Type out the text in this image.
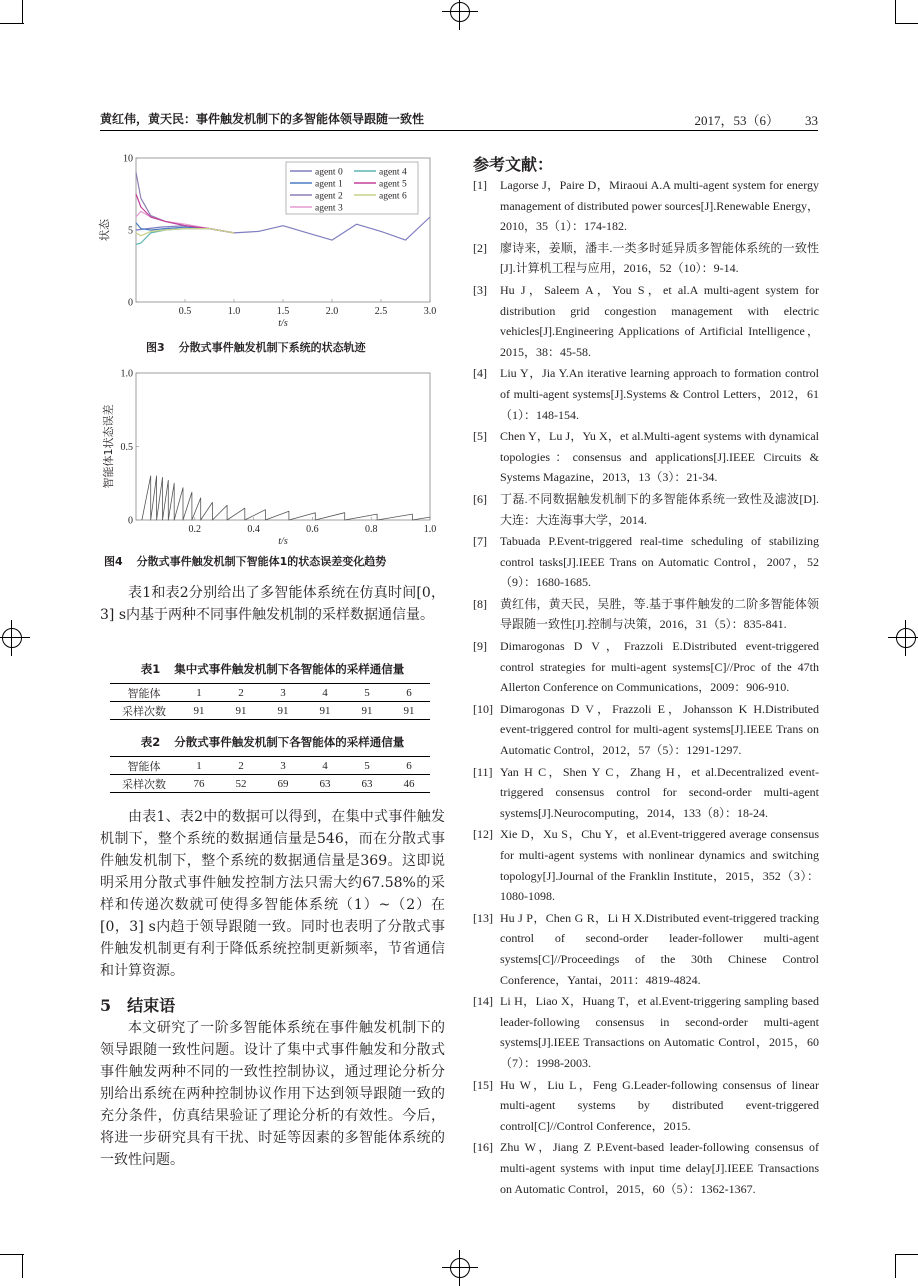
黄红伟，黄天民：事件触发机制下的多智能体领导跟随一致性	2017，53（6） 33
0.5	1.0	1.5	2.0	2.5	3.0
0
5
10
t/s
状态
agent 0
agent 1
agent 2
agent 3
agent 4
agent 5
agent 6
图3 分散式事件触发机制下系统的状态轨迹
0.2	0.4	0.6	0.8	1.0
0
0.5
1.0
t/s
智能体1状态误差
图4 分散式事件触发机制下智能体1的状态误差变化趋势

表1和表2分别给出了多智能体系统在仿真时间[0，3] s内基于两种不同事件触发机制的采样数据通信量。

表1 集中式事件触发机制下各智能体的采样通信量
智能体	1	2	3	4	5	6
采样次数	91	91	91	91	91	91
表2 分散式事件触发机制下各智能体的采样通信量
智能体	1	2	3	4	5	6
采样次数	76	52	69	63	63	46

由表1、表2中的数据可以得到，在集中式事件触发机制下，整个系统的数据通信量是546，而在分散式事件触发机制下，整个系统的数据通信量是369。这即说明采用分散式事件触发控制方法只需大约67.58%的采样和传递次数就可使得多智能体系统（1）~（2）在[0，3] s内趋于领导跟随一致。同时也表明了分散式事件触发机制更有利于降低系统控制更新频率，节省通信和计算资源。

5 结束语

本文研究了一阶多智能体系统在事件触发机制下的领导跟随一致性问题。设计了集中式事件触发和分散式事件触发两种不同的一致性控制协议，通过理论分析分别给出系统在两种控制协议作用下达到领导跟随一致的充分条件，仿真结果验证了理论分析的有效性。今后，将进一步研究具有干扰、时延等因素的多智能体系统的一致性问题。

参考文献：
[1] Lagorse J，Paire D，Miraoui A.A multi-agent system for energy management of distributed power sources[J].Renewable Energy，2010，35（1）：174-182.
[2] 廖诗来，姜顺，潘丰.一类多时延异质多智能体系统的一致性[J].计算机工程与应用，2016，52（10）：9-14.
[3] Hu J，Saleem A，You S，et al.A multi-agent system for distribution grid congestion management with electric vehicles[J].Engineering Applications of Artificial Intelligence，2015，38：45-58.
[4] Liu Y，Jia Y.An iterative learning approach to formation control of multi-agent systems[J].Systems & Control Letters，2012，61（1）：148-154.
[5] Chen Y，Lu J，Yu X，et al.Multi-agent systems with dynamical topologies：consensus and applications[J].IEEE Circuits & Systems Magazine，2013，13（3）：21-34.
[6] 丁磊.不同数据触发机制下的多智能体系统一致性及滤波[D].大连：大连海事大学，2014.
[7] Tabuada P.Event-triggered real-time scheduling of stabilizing control tasks[J].IEEE Trans on Automatic Control，2007，52（9）：1680-1685.
[8] 黄红伟，黄天民，吴胜，等.基于事件触发的二阶多智能体领导跟随一致性[J].控制与决策，2016，31（5）：835-841.
[9] Dimarogonas D V，Frazzoli E.Distributed event-triggered control strategies for multi-agent systems[C]//Proc of the 47th Allerton Conference on Communications，2009：906-910.
[10] Dimarogonas D V，Frazzoli E，Johansson K H.Distributed event-triggered control for multi-agent systems[J].IEEE Trans on Automatic Control，2012，57（5）：1291-1297.
[11] Yan H C，Shen Y C，Zhang H，et al.Decentralized event-triggered consensus control for second-order multi-agent systems[J].Neurocomputing，2014，133（8）：18-24.
[12] Xie D，Xu S，Chu Y，et al.Event-triggered average consensus for multi-agent systems with nonlinear dynamics and switching topology[J].Journal of the Franklin Institute，2015，352（3）：1080-1098.
[13] Hu J P，Chen G R，Li H X.Distributed event-triggered tracking control of second-order leader-follower multi-agent systems[C]//Proceedings of the 30th Chinese Control Conference，Yantai，2011：4819-4824.
[14] Li H，Liao X，Huang T，et al.Event-triggering sampling based leader-following consensus in second-order multi-agent systems[J].IEEE Transactions on Automatic Control，2015，60（7）：1998-2003.
[15] Hu W，Liu L，Feng G.Leader-following consensus of linear multi-agent systems by distributed event-triggered control[C]//Control Conference，2015.
[16] Zhu W，Jiang Z P.Event-based leader-following consensus of multi-agent systems with input time delay[J].IEEE Transactions on Automatic Control，2015，60（5）：1362-1367.
